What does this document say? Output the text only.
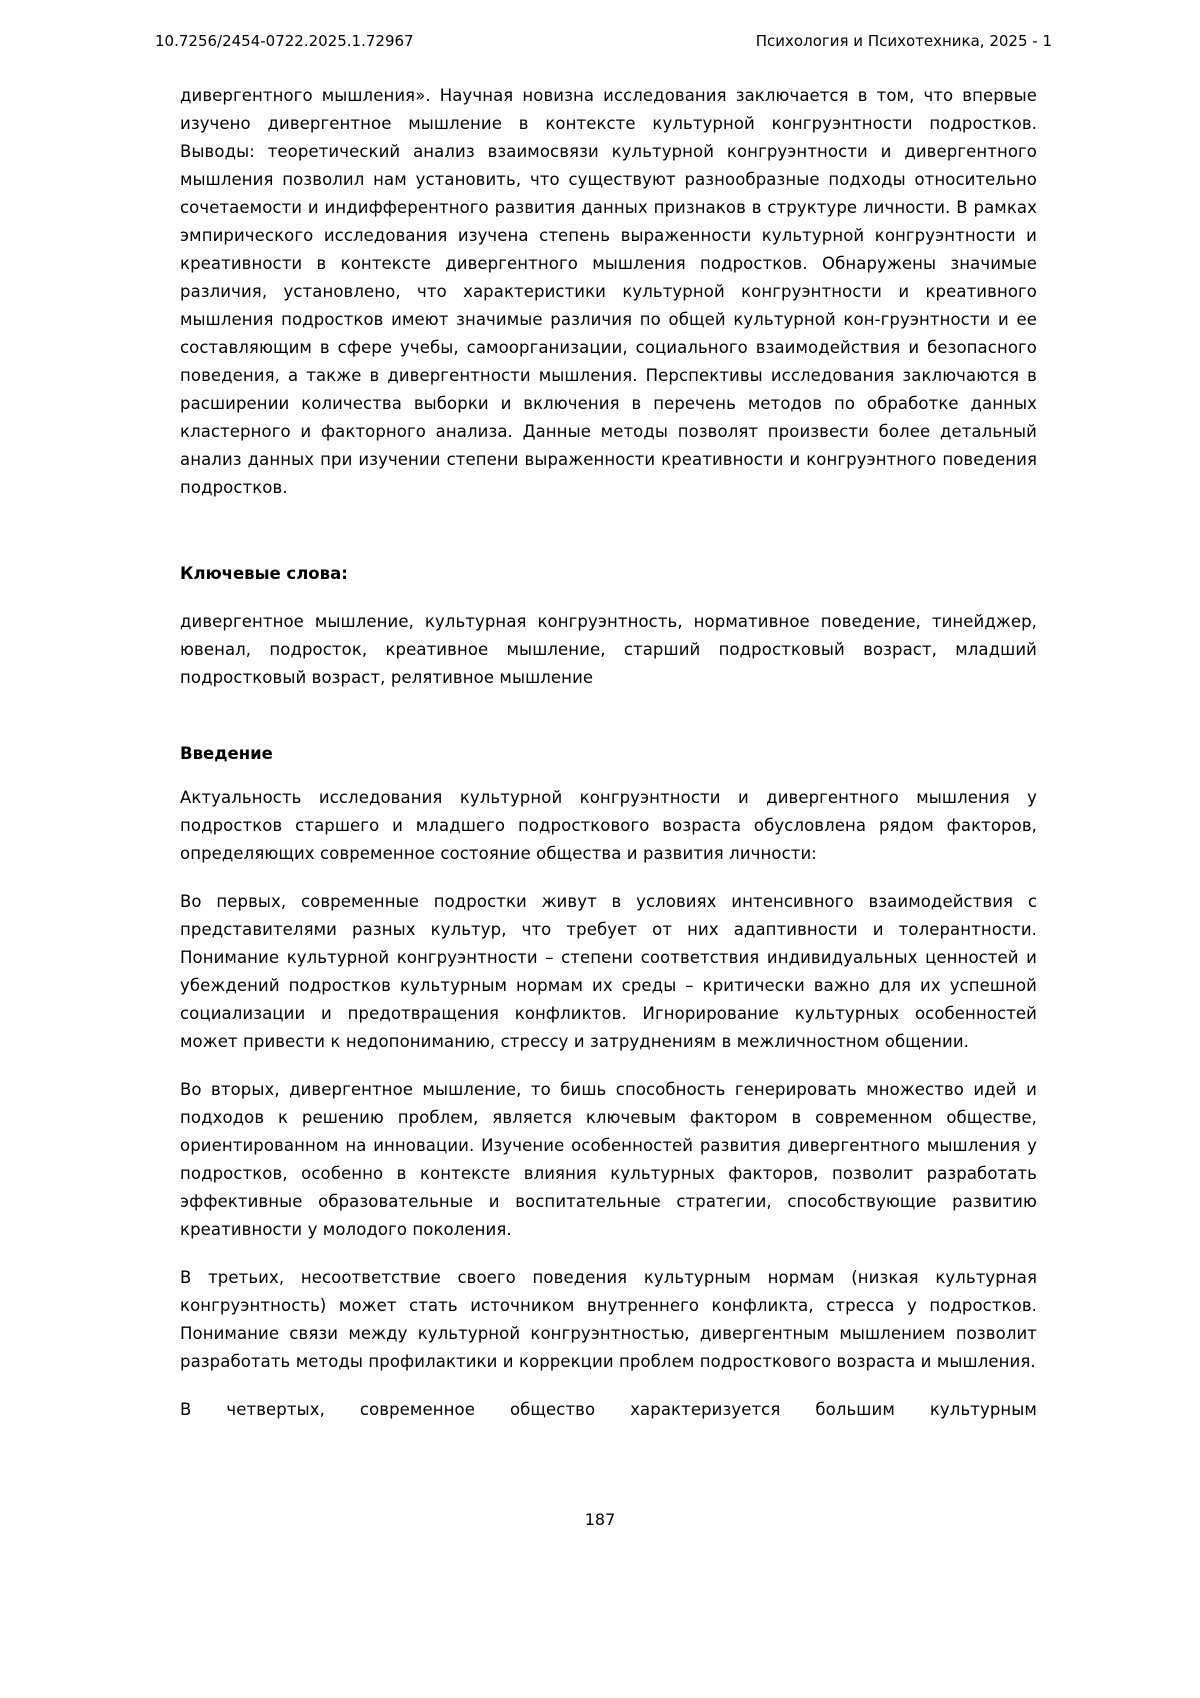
10.7256/2454-0722.2025.1.72967	Психология и Психотехника, 2025 - 1

дивергентного мышления». Научная новизна исследования заключается в том, что впервые изучено дивергентное мышление в контексте культурной конгруэнтности подростков. Выводы: теоретический анализ взаимосвязи культурной конгруэнтности и дивергентного мышления позволил нам установить, что существуют разнообразные подходы относительно сочетаемости и индифферентного развития данных признаков в структуре личности. В рамках эмпирического исследования изучена степень выраженности культурной конгруэнтности и креативности в контексте дивергентного мышления подростков. Обнаружены значимые различия, установлено, что характеристики культурной конгруэнтности и креативного мышления подростков имеют значимые различия по общей культурной кон-груэнтности и ее составляющим в сфере учебы, самоорганизации, социального взаимодействия и безопасного поведения, а также в дивергентности мышления. Перспективы исследования заключаются в расширении количества выборки и включения в перечень методов по обработке данных кластерного и факторного анализа. Данные методы позволят произвести более детальный анализ данных при изучении степени выраженности креативности и конгруэнтного поведения подростков.

Ключевые слова:

дивергентное мышление, культурная конгруэнтность, нормативное поведение, тинейджер, ювенал, подросток, креативное мышление, старший подростковый возраст, младший подростковый возраст, релятивное мышление

Введение

Актуальность исследования культурной конгруэнтности и дивергентного мышления у подростков старшего и младшего подросткового возраста обусловлена рядом факторов, определяющих современное состояние общества и развития личности:

Во первых, современные подростки живут в условиях интенсивного взаимодействия с представителями разных культур, что требует от них адаптивности и толерантности. Понимание культурной конгруэнтности – степени соответствия индивидуальных ценностей и убеждений подростков культурным нормам их среды – критически важно для их успешной социализации и предотвращения конфликтов. Игнорирование культурных особенностей может привести к недопониманию, стрессу и затруднениям в межличностном общении.

Во вторых, дивергентное мышление, то бишь способность генерировать множество идей и подходов к решению проблем, является ключевым фактором в современном обществе, ориентированном на инновации. Изучение особенностей развития дивергентного мышления у подростков, особенно в контексте влияния культурных факторов, позволит разработать эффективные образовательные и воспитательные стратегии, способствующие развитию креативности у молодого поколения.

В третьих, несоответствие своего поведения культурным нормам (низкая культурная конгруэнтность) может стать источником внутреннего конфликта, стресса у подростков. Понимание связи между культурной конгруэнтностью, дивергентным мышлением позволит разработать методы профилактики и коррекции проблем подросткового возраста и мышления.

В четвертых, современное общество характеризуется большим культурным

187
